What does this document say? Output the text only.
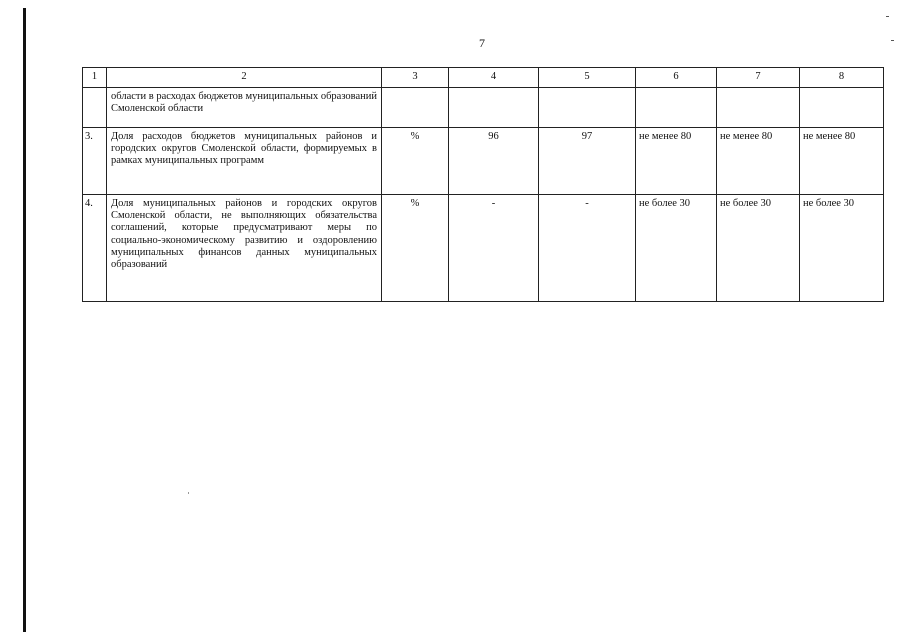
7
1	2	3	4	5	6	7	8
	области в расходах бюджетов муниципальных образований Смоленской области						
3.	Доля расходов бюджетов муниципальных районов и городских округов Смоленской области, формируемых в рамках муниципальных программ	%	96	97	не менее 80	не менее 80	не менее 80
4.	Доля муниципальных районов и городских округов Смоленской области, не выполняющих обязательства соглашений, которые предусматривают меры по социально-экономическому развитию и оздоровлению муниципальных финансов данных муниципальных образований	%	-	-	не более 30	не более 30	не более 30
